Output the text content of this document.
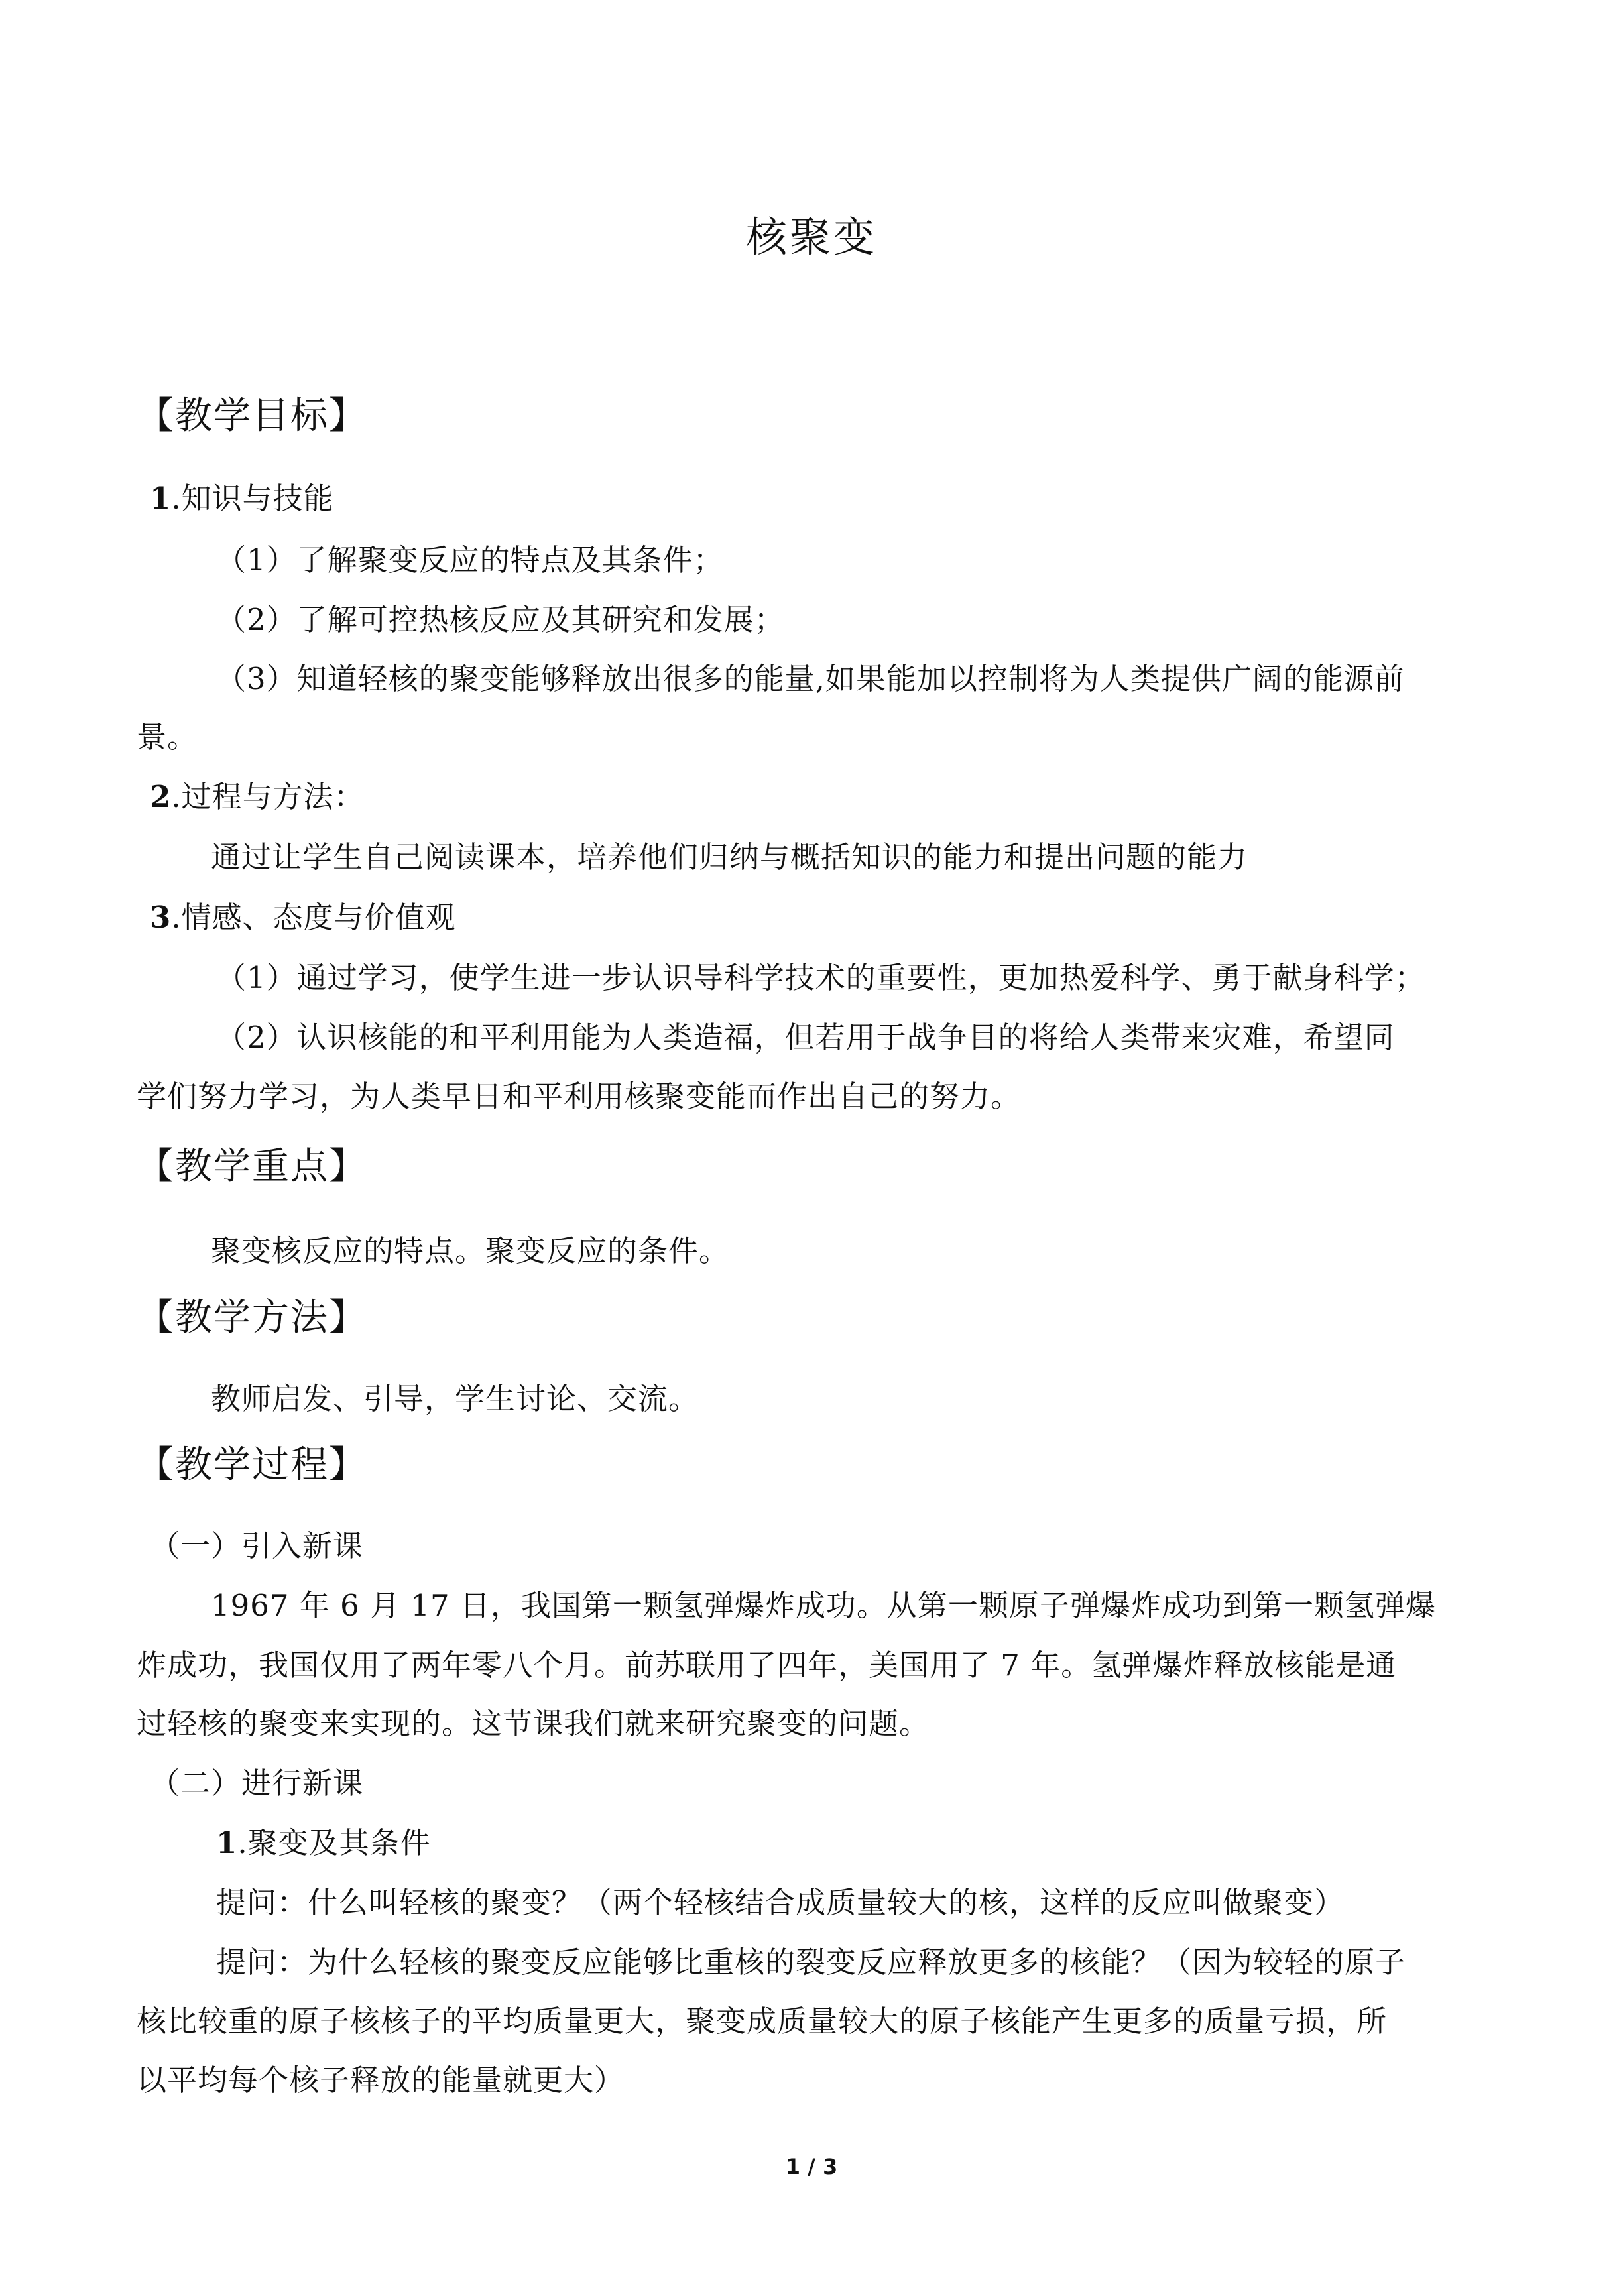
核聚变
【教学目标】
1.知识与技能
（1）了解聚变反应的特点及其条件；
（2）了解可控热核反应及其研究和发展；
（3）知道轻核的聚变能够释放出很多的能量,如果能加以控制将为人类提供广阔的能源前
景。
2.过程与方法：
通过让学生自己阅读课本，培养他们归纳与概括知识的能力和提出问题的能力
3.情感、态度与价值观
（1）通过学习，使学生进一步认识导科学技术的重要性，更加热爱科学、勇于献身科学；
（2）认识核能的和平利用能为人类造福，但若用于战争目的将给人类带来灾难，希望同
学们努力学习，为人类早日和平利用核聚变能而作出自己的努力。
【教学重点】
聚变核反应的特点。聚变反应的条件。
【教学方法】
教师启发、引导，学生讨论、交流。
【教学过程】
（一）引入新课
1967 年 6 月 17 日，我国第一颗氢弹爆炸成功。从第一颗原子弹爆炸成功到第一颗氢弹爆
炸成功，我国仅用了两年零八个月。前苏联用了四年，美国用了 7 年。氢弹爆炸释放核能是通
过轻核的聚变来实现的。这节课我们就来研究聚变的问题。
（二）进行新课
1.聚变及其条件
提问：什么叫轻核的聚变？（两个轻核结合成质量较大的核，这样的反应叫做聚变）
提问：为什么轻核的聚变反应能够比重核的裂变反应释放更多的核能？（因为较轻的原子
核比较重的原子核核子的平均质量更大，聚变成质量较大的原子核能产生更多的质量亏损，所
以平均每个核子释放的能量就更大）
1 / 3
